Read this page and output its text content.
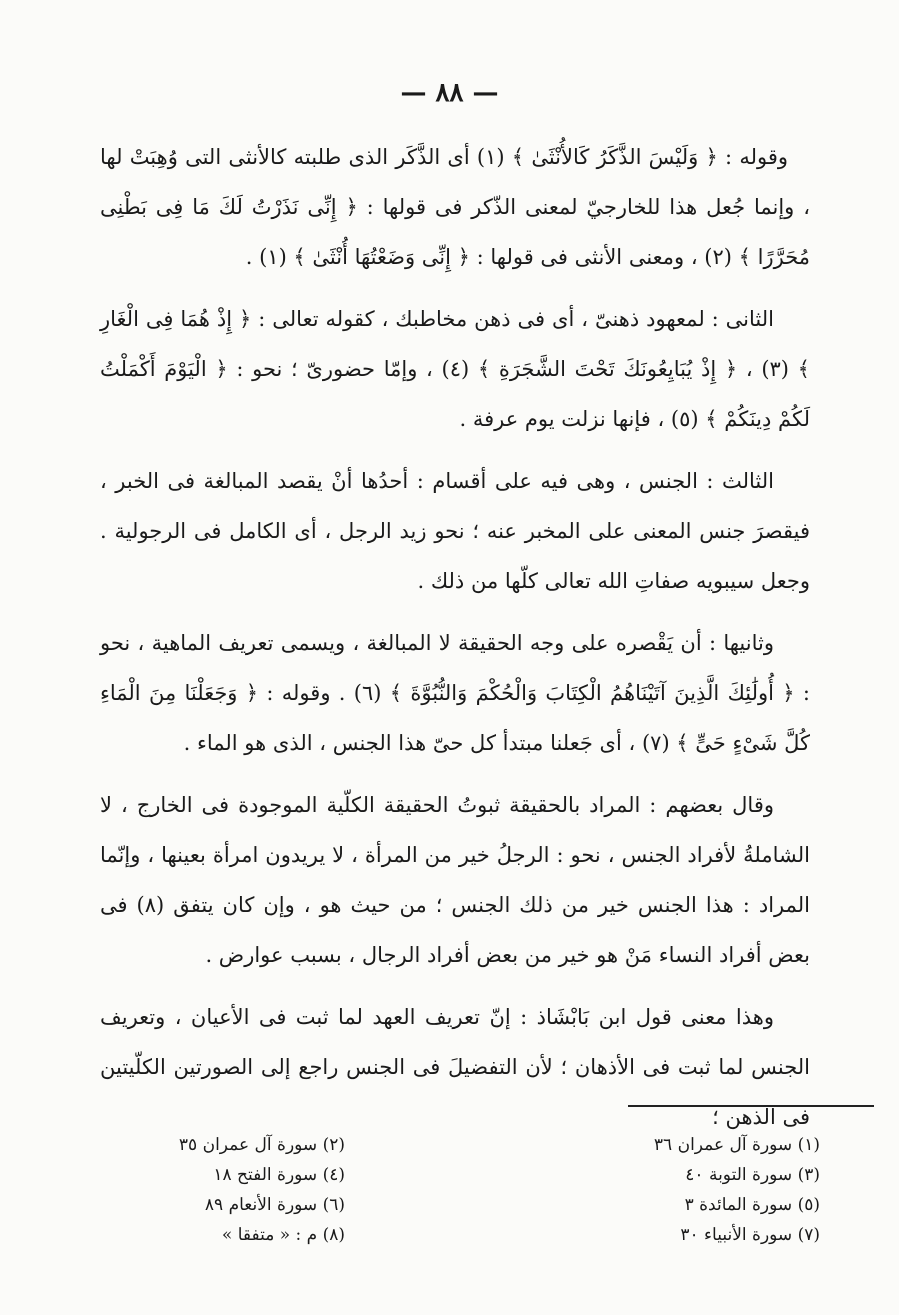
— ٨٨ —

وقوله : ﴿ وَلَيْسَ الذَّكَرُ كَالأُنْثَىٰ ﴾ (١) أى الذَّكَر الذى طلبته كالأنثى التى وُهِبَتْ لها ، وإنما جُعل هذا للخارجيّ لمعنى الذّكر فى قولها : ﴿ إِنِّى نَذَرْتُ لَكَ مَا فِى بَطْنِى مُحَرَّرًا ﴾ (٢) ، ومعنى الأنثى فى قولها : ﴿ إِنِّى وَضَعْتُهَا أُنْثَىٰ ﴾ (١) .

الثانى : لمعهود ذهنىّ ، أى فى ذهن مخاطبك ، كقوله تعالى : ﴿ إِذْ هُمَا فِى الْغَارِ ﴾ (٣) ، ﴿ إِذْ يُبَايِعُونَكَ تَحْتَ الشَّجَرَةِ ﴾ (٤) ، وإمّا حضورىّ ؛ نحو : ﴿ الْيَوْمَ أَكْمَلْتُ لَكُمْ دِينَكُمْ ﴾ (٥) ، فإنها نزلت يوم عرفة .

الثالث : الجنس ، وهى فيه على أقسام : أحدُها أنْ يقصد المبالغة فى الخبر ، فيقصرَ جنس المعنى على المخبر عنه ؛ نحو زيد الرجل ، أى الكامل فى الرجولية . وجعل سيبويه صفاتِ الله تعالى كلّها من ذلك .

وثانيها : أن يَقْصره على وجه الحقيقة لا المبالغة ، ويسمى تعريف الماهية ، نحو : ﴿ أُولَٰئِكَ الَّذِينَ آتَيْنَاهُمُ الْكِتَابَ وَالْحُكْمَ وَالنُّبُوَّةَ ﴾ (٦) . وقوله : ﴿ وَجَعَلْنَا مِنَ الْمَاءِ كُلَّ شَىْءٍ حَىٍّ ﴾ (٧) ، أى جَعلنا مبتدأ كل حىّ هذا الجنس ، الذى هو الماء .

وقال بعضهم : المراد بالحقيقة ثبوتُ الحقيقة الكلّية الموجودة فى الخارج ، لا الشاملةُ لأفراد الجنس ، نحو : الرجلُ خير من المرأة ، لا يريدون امرأة بعينها ، وإنّما المراد : هذا الجنس خير من ذلك الجنس ؛ من حيث هو ، وإن كان يتفق (٨) فى بعض أفراد النساء مَنْ هو خير من بعض أفراد الرجال ، بسبب عوارض .

وهذا معنى قول ابن بَابْشَاذ : إنّ تعريف العهد لما ثبت فى الأعيان ، وتعريف الجنس لما ثبت فى الأذهان ؛ لأن التفضيلَ فى الجنس راجع إلى الصورتين الكلّيتين فى الذهن ؛

(١) سورة آل عمران ٣٦
(٢) سورة آل عمران ٣٥
(٣) سورة التوبة ٤٠
(٤) سورة الفتح ١٨
(٥) سورة المائدة ٣
(٦) سورة الأنعام ٨٩
(٧) سورة الأنبياء ٣٠
(٨) م : « متفقا »
